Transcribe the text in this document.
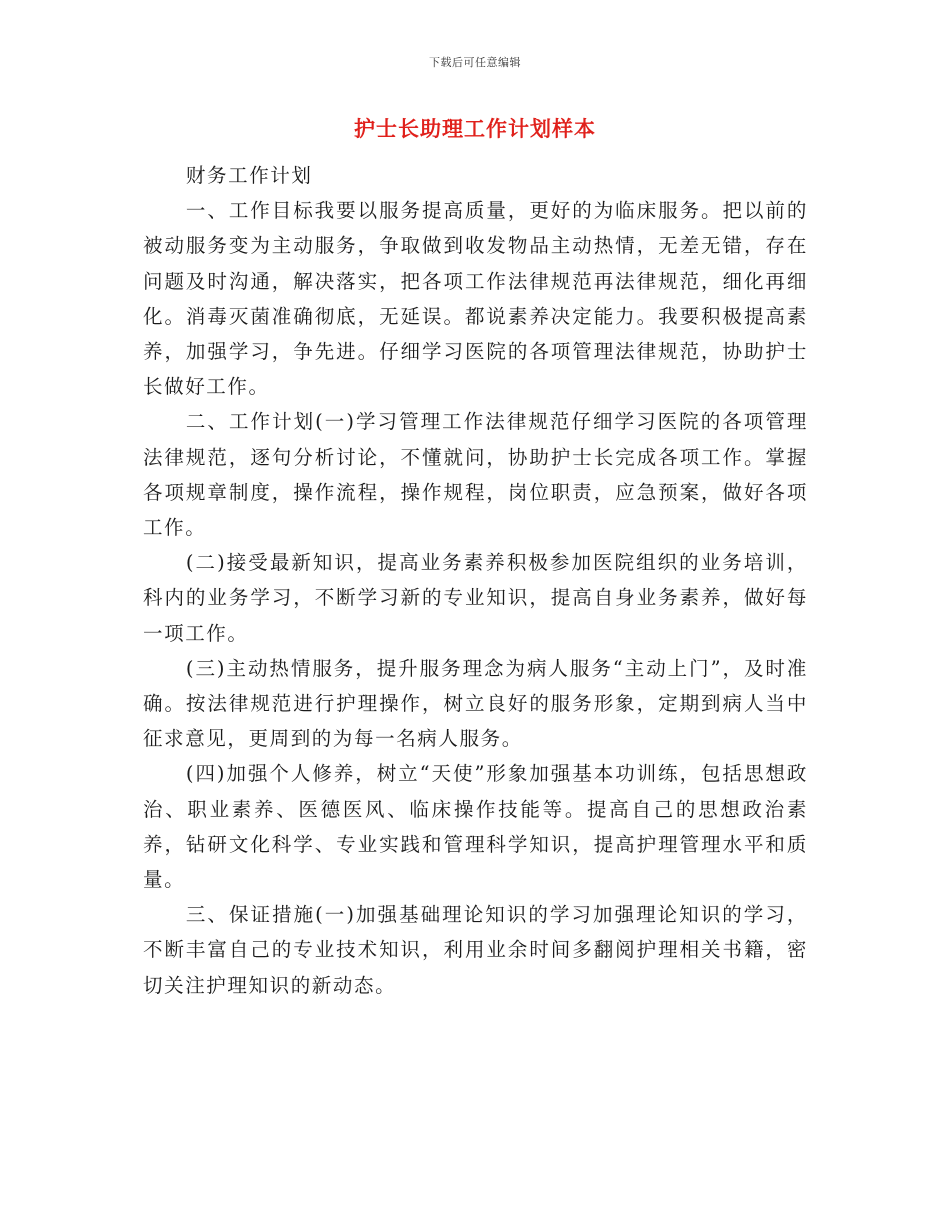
下载后可任意编辑
护士长助理工作计划样本

财务工作计划

一、工作目标我要以服务提高质量，更好的为临床服务。把以前的被动服务变为主动服务，争取做到收发物品主动热情，无差无错，存在问题及时沟通，解决落实，把各项工作法律规范再法律规范，细化再细化。消毒灭菌准确彻底，无延误。都说素养决定能力。我要积极提高素养，加强学习，争先进。仔细学习医院的各项管理法律规范，协助护士长做好工作。

二、工作计划(一)学习管理工作法律规范仔细学习医院的各项管理法律规范，逐句分析讨论，不懂就问，协助护士长完成各项工作。掌握各项规章制度，操作流程，操作规程，岗位职责，应急预案，做好各项工作。

(二)接受最新知识，提高业务素养积极参加医院组织的业务培训，科内的业务学习，不断学习新的专业知识，提高自身业务素养，做好每一项工作。

(三)主动热情服务，提升服务理念为病人服务“主动上门”，及时准确。按法律规范进行护理操作，树立良好的服务形象，定期到病人当中征求意见，更周到的为每一名病人服务。

(四)加强个人修养，树立“天使”形象加强基本功训练，包括思想政治、职业素养、医德医风、临床操作技能等。提高自己的思想政治素养，钻研文化科学、专业实践和管理科学知识，提高护理管理水平和质量。

三、保证措施(一)加强基础理论知识的学习加强理论知识的学习，不断丰富自己的专业技术知识，利用业余时间多翻阅护理相关书籍，密切关注护理知识的新动态。
